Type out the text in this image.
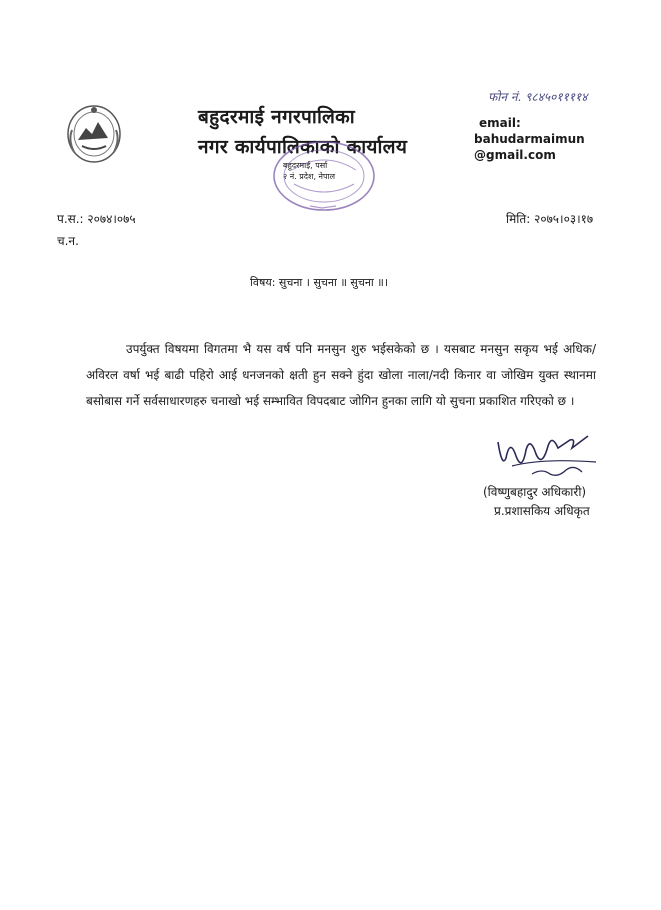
बहुदरमाई नगरपालिका
नगर कार्यपालिकाको कार्यालय
बहुदरमाई, पर्सा
२ नं. प्रदेश, नेपाल
फोन नं. ९८४५०११११४
email:
bahudarmaimun
@gmail.com
प.स.: २०७४।०७५
च.न.
मिति: २०७५।०३।१७
विषय: सुचना । सुचना ॥ सुचना ॥।

उपर्युक्त विषयमा विगतमा भै यस वर्ष पनि मनसुन शुरु भईसकेको छ । यसबाट मनसुन सकृय भई अधिक/अविरल वर्षा भई बाढी पहिरो आई धनजनको क्षती हुन सक्ने हुंदा खोला नाला/नदी किनार वा जोखिम युक्त स्थानमा बसोबास गर्ने सर्वसाधारणहरु चनाखो भई सम्भावित विपदबाट जोगिन हुनका लागि यो सुचना प्रकाशित गरिएको छ ।

(विष्णुबहादुर अधिकारी)
प्र.प्रशासकिय अधिकृत
